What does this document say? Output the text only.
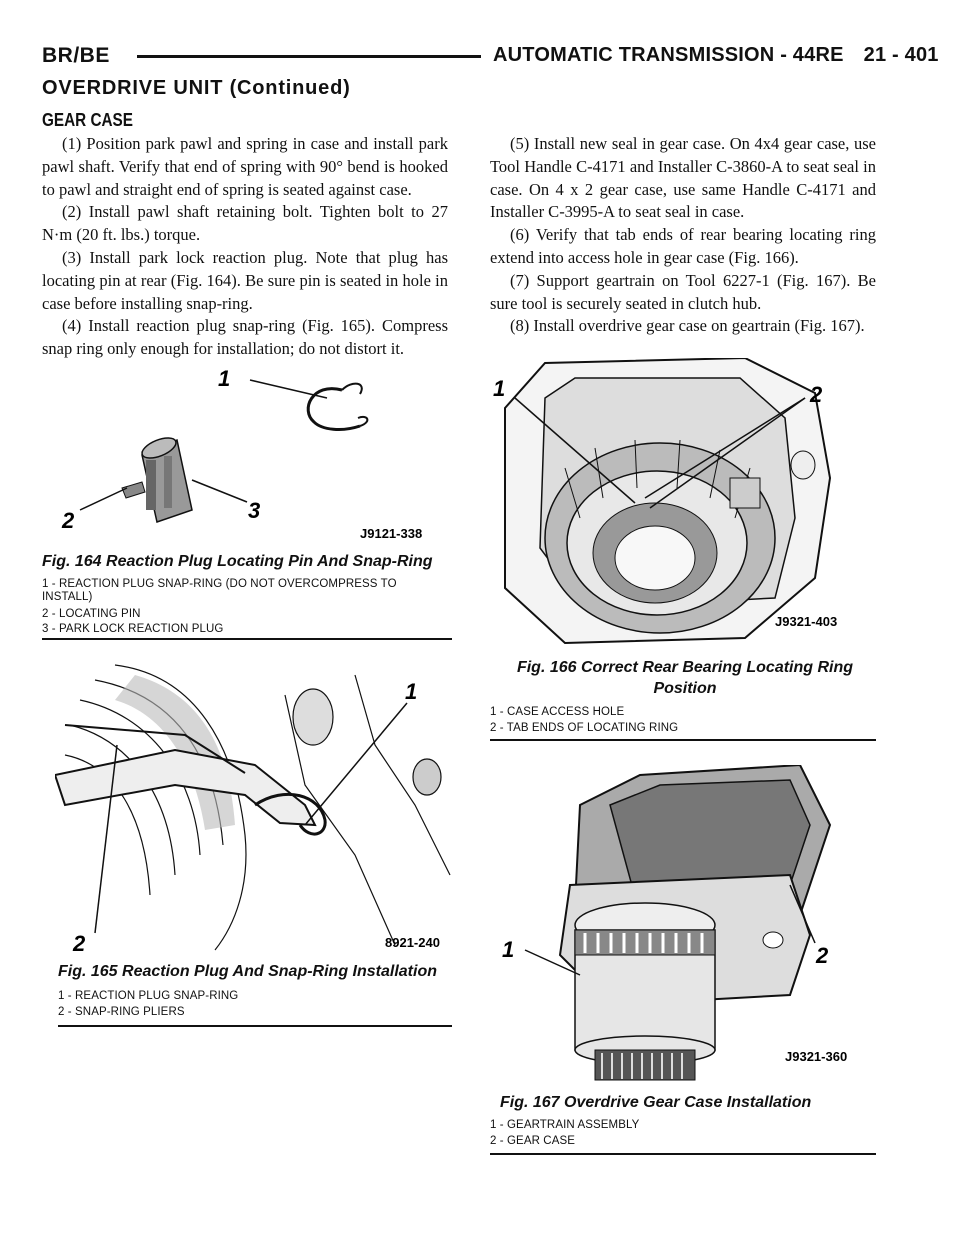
BR/BE	AUTOMATIC TRANSMISSION - 44RE 21 - 401
OVERDRIVE UNIT (Continued)
GEAR CASE

(1) Position park pawl and spring in case and install park pawl shaft. Verify that end of spring with 90° bend is hooked to pawl and straight end of spring is seated against case.

(2) Install pawl shaft retaining bolt. Tighten bolt to 27 N·m (20 ft. lbs.) torque.

(3) Install park lock reaction plug. Note that plug has locating pin at rear (Fig. 164). Be sure pin is seated in hole in case before installing snap-ring.

(4) Install reaction plug snap-ring (Fig. 165). Compress snap ring only enough for installation; do not distort it.

(5) Install new seal in gear case. On 4x4 gear case, use Tool Handle C-4171 and Installer C-3860-A to seat seal in case. On 4 x 2 gear case, use same Handle C-4171 and Installer C-3995-A to seat seal in case.

(6) Verify that tab ends of rear bearing locating ring extend into access hole in gear case (Fig. 166).

(7) Support geartrain on Tool 6227-1 (Fig. 167). Be sure tool is securely seated in clutch hub.

(8) Install overdrive gear case on geartrain (Fig. 167).

1
2	3
J9121-338
Fig. 164 Reaction Plug Locating Pin And Snap-Ring
1 - REACTION PLUG SNAP-RING (DO NOT OVERCOMPRESS TO INSTALL)
2 - LOCATING PIN
3 - PARK LOCK REACTION PLUG
1
2	8921-240
Fig. 165 Reaction Plug And Snap-Ring Installation
1 - REACTION PLUG SNAP-RING
2 - SNAP-RING PLIERS
1	2
J9321-403
Fig. 166 Correct Rear Bearing Locating Ring
Position
1 - CASE ACCESS HOLE
2 - TAB ENDS OF LOCATING RING
1	2
J9321-360
Fig. 167 Overdrive Gear Case Installation
1 - GEARTRAIN ASSEMBLY
2 - GEAR CASE
